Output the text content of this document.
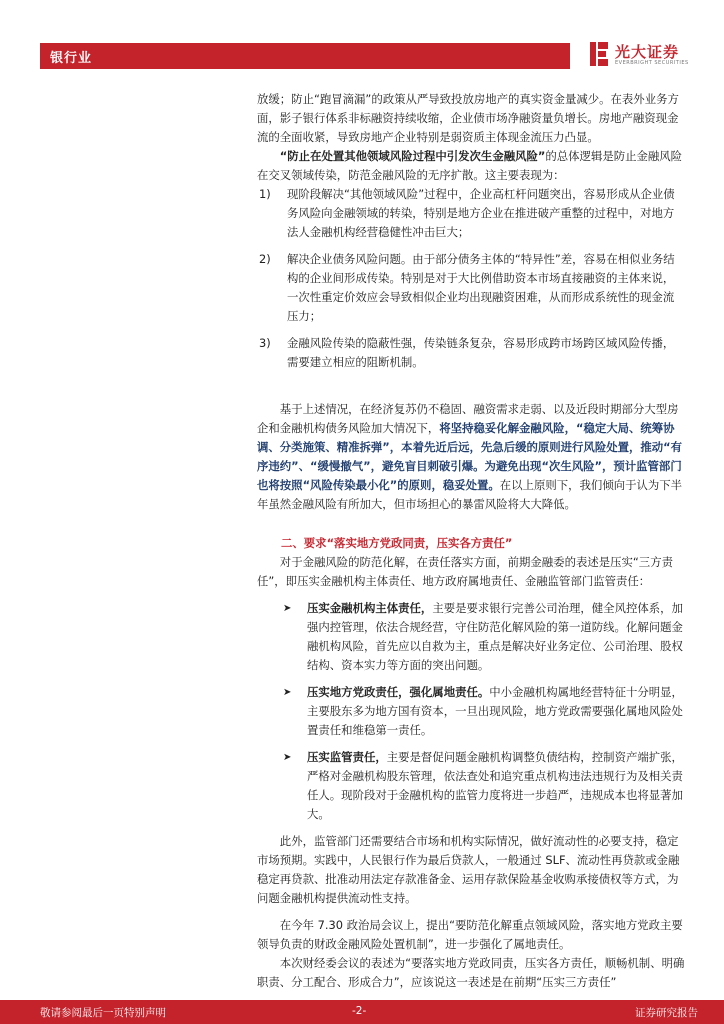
银行业	光大证券
EVERBRIGHT SECURITIES

放缓；防止“跑冒滴漏”的政策从严导致投放房地产的真实资金量减少。在表外业务方面，影子银行体系非标融资持续收缩，企业债市场净融资量负增长。房地产融资现金流的全面收紧，导致房地产企业特别是弱资质主体现金流压力凸显。

“防止在处置其他领域风险过程中引发次生金融风险”的总体逻辑是防止金融风险在交叉领域传染，防范金融风险的无序扩散。这主要表现为：

1) 现阶段解决“其他领域风险”过程中，企业高杠杆问题突出，容易形成从企业债务风险向金融领域的转染，特别是地方企业在推进破产重整的过程中，对地方法人金融机构经营稳健性冲击巨大；
2) 解决企业债务风险问题。由于部分债务主体的“特异性”差，容易在相似业务结构的企业间形成传染。特别是对于大比例借助资本市场直接融资的主体来说，一次性重定价效应会导致相似企业均出现融资困难，从而形成系统性的现金流压力；
3) 金融风险传染的隐蔽性强，传染链条复杂，容易形成跨市场跨区域风险传播，需要建立相应的阻断机制。

基于上述情况，在经济复苏仍不稳固、融资需求走弱、以及近段时期部分大型房企和金融机构债务风险加大情况下，将坚持稳妥化解金融风险，“稳定大局、统筹协调、分类施策、精准拆弹”，本着先近后远，先急后缓的原则进行风险处置，推动“有序违约”、“缓慢撤气”，避免盲目刺破引爆。为避免出现“次生风险”，预计监管部门也将按照“风险传染最小化”的原则，稳妥处置。在以上原则下，我们倾向于认为下半年虽然金融风险有所加大，但市场担心的暴雷风险将大大降低。

二、要求“落实地方党政同责，压实各方责任”

对于金融风险的防范化解，在责任落实方面，前期金融委的表述是压实“三方责任”，即压实金融机构主体责任、地方政府属地责任、金融监管部门监管责任：

➤ 压实金融机构主体责任，主要是要求银行完善公司治理，健全风控体系，加强内控管理，依法合规经营，守住防范化解风险的第一道防线。化解问题金融机构风险，首先应以自救为主，重点是解决好业务定位、公司治理、股权结构、资本实力等方面的突出问题。
➤ 压实地方党政责任，强化属地责任。中小金融机构属地经营特征十分明显，主要股东多为地方国有资本，一旦出现风险，地方党政需要强化属地风险处置责任和维稳第一责任。
➤ 压实监管责任，主要是督促问题金融机构调整负债结构，控制资产端扩张，严格对金融机构股东管理，依法查处和追究重点机构违法违规行为及相关责任人。现阶段对于金融机构的监管力度将进一步趋严，违规成本也将显著加大。

此外，监管部门还需要结合市场和机构实际情况，做好流动性的必要支持，稳定市场预期。实践中，人民银行作为最后贷款人，一般通过 SLF、流动性再贷款或金融稳定再贷款、批准动用法定存款准备金、运用存款保险基金收购承接债权等方式，为问题金融机构提供流动性支持。

在今年 7.30 政治局会议上，提出“要防范化解重点领域风险，落实地方党政主要领导负责的财政金融风险处置机制”，进一步强化了属地责任。

本次财经委会议的表述为“要落实地方党政同责，压实各方责任，顺畅机制、明确职责、分工配合、形成合力”，应该说这一表述是在前期“压实三方责任”

敬请参阅最后一页特别声明	-2-	证券研究报告
